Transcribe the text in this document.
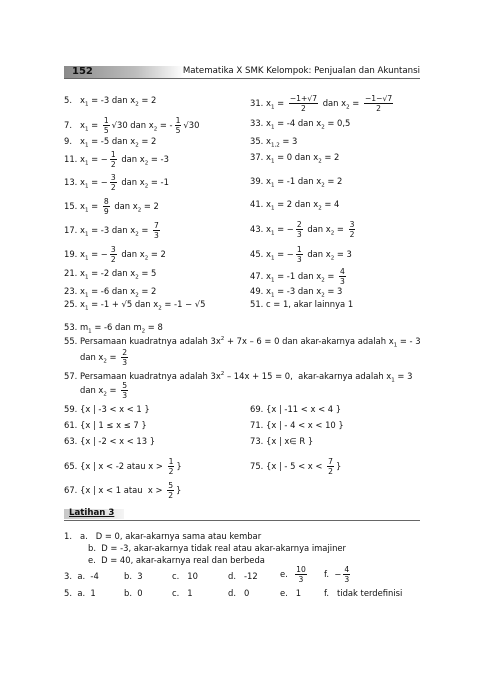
152	Matematika X SMK Kelompok: Penjualan dan Akuntansi
5. $x_1 = -3$ dan $x_2 = 2$
7. $x_1 = \frac{1}{5} √30$ dan $x_2$ = - $\frac{1}{5} √30$
9. $x_1 = -5$ dan $x_2 = 2$
11. $x_1$ = − $\frac{1}{2}$ dan $x_2 = -3$
13. $x_1$ = − $\frac{3}{2}$ dan $x_2 = -1$
15. $x_1 = \frac{8}{9}$ dan $x_2 = 2$
17. $x_1 = -3$ dan $x_2 = \frac{7}{3}$
19. $x_1$ = − $\frac{3}{2}$ dan $x_2 = 2$
21. $x_1 = -2$ dan $x_2 = 5$
23. $x_1 = -6$ dan $x_2 = 2$
25. $x_1 = -1 + √5$ dan $x_2 = -1 - √5$
31. $x_1 = \frac{-1+√7}{2}$ dan $x_2 = \frac{-1-√7}{2}$
33. $x_1 = -4$ dan $x_2 = 0,5$
35. $x_{1,2} = 3$
37. $x_1 = 0$ dan $x_2 = 2$
39. $x_1 = -1$ dan $x_2 = 2$
41. $x_1 = 2$ dan $x_2 = 4$
43. $x_1$ = − $\frac{2}{3}$ dan $x_2 = \frac{3}{2}$
45. $x_1$ = − $\frac{1}{3}$ dan $x_2 = 3$
47. $x_1 = -1$ dan $x_2 = \frac{4}{3}$
49. $x_1 = -3$ dan $x_2 = 3$
51. c = 1, akar lainnya 1
53. $m_1 = -6$ dan $m_2 = 8$
55. Persamaan kuadratnya adalah $3x^2 + 7x - 6 = 0$ dan akar-akarnya adalah $x_1$ = - 3
dan $x_2 = \frac{2}{3}$
57. Persamaan kuadratnya adalah $3x^2 - 14x + 15 = 0$,  akar-akarnya adalah $x_1 = 3$
dan $x_2 = \frac{5}{3}$
59. {x | -3 < x < 1 }
61. {x | 1 ≤ x ≤ 7 }
63. {x | -2 < x < 13 }
65. {x | x < -2 atau $x > \frac{1}{2}$ }
67. {x | x < 1 atau  $x > \frac{5}{2}$ }
69. {x | -11 < x < 4 }
71. {x | - 4 < x < 10 }
73. {x | x∈ R }
75. {x | - $5 < x < \frac{7}{2}$ }
Latihan 3
1.   a.   D = 0, akar-akarnya sama atau kembar
b.  D = -3, akar-akarnya tidak real atau akar-akarnya imajiner
e.  D = 40, akar-akarnya real dan berbeda
3.  a.  -4	b.  3	c.   10	d.   -12	e. $\frac{10}{3} f$.  − $\frac{4}{3}$
5.  a.  1	b.  0	c.   1	d.   0	e.   1	f.   tidak terdefinisi
